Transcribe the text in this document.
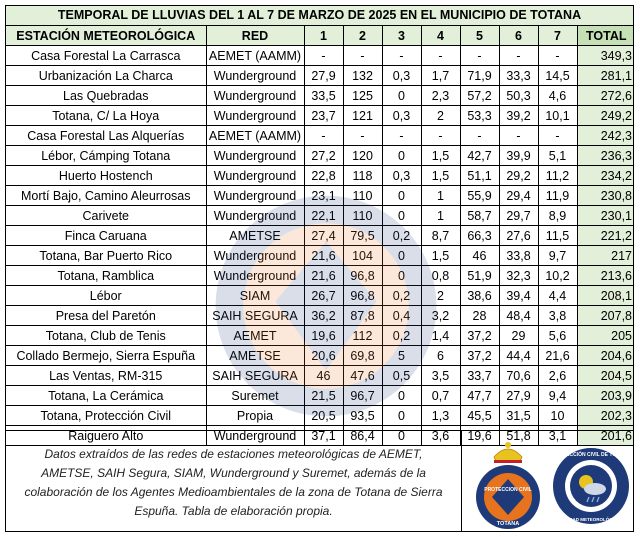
TEMPORAL DE LLUVIAS DEL 1 AL 7 DE MARZO DE 2025 EN EL MUNICIPIO DE TOTANA
ESTACIÓN METEOROLÓGICA	RED	1	2	3	4	5	6	7	TOTAL
Casa Forestal La Carrasca	AEMET (AAMM)	-	-	-	-	-	-	-	349,3
Urbanización La Charca	Wunderground	27,9	132	0,3	1,7	71,9	33,3	14,5	281,1
Las Quebradas	Wunderground	33,5	125	0	2,3	57,2	50,3	4,6	272,6
Totana, C/ La Hoya	Wunderground	23,7	121	0,3	2	53,3	39,2	10,1	249,2
Casa Forestal Las Alquerías	AEMET (AAMM)	-	-	-	-	-	-	-	242,3
Lébor, Cámping Totana	Wunderground	27,2	120	0	1,5	42,7	39,9	5,1	236,3
Huerto Hostench	Wunderground	22,8	118	0,3	1,5	51,1	29,2	11,2	234,2
Mortí Bajo, Camino Aleurrosas	Wunderground	23,1	110	0	1	55,9	29,4	11,9	230,8
Carivete	Wunderground	22,1	110	0	1	58,7	29,7	8,9	230,1
Finca Caruana	AMETSE	27,4	79,5	0,2	8,7	66,3	27,6	11,5	221,2
Totana, Bar Puerto Rico	Wunderground	21,6	104	0	1,5	46	33,8	9,7	217
Totana, Ramblica	Wunderground	21,6	96,8	0	0,8	51,9	32,3	10,2	213,6
Lébor	SIAM	26,7	96,8	0,2	2	38,6	39,4	4,4	208,1
Presa del Paretón	SAIH SEGURA	36,2	87,8	0,4	3,2	28	48,4	3,8	207,8
Totana, Club de Tenis	AEMET	19,6	112	0,2	1,4	37,2	29	5,6	205
Collado Bermejo, Sierra Espuña	AMETSE	20,6	69,8	5	6	37,2	44,4	21,6	204,6
Las Ventas, RM-315	SAIH SEGURA	46	47,6	0,5	3,5	33,7	70,6	2,6	204,5
Totana, La Cerámica	Suremet	21,5	96,7	0	0,7	47,7	27,9	9,4	203,9
Totana, Protección Civil	Propia	20,5	93,5	0	1,3	45,5	31,5	10	202,3
Raiguero Alto	Wunderground	37,1	86,4	0	3,6	19,6	51,8	3,1	201,6
Datos extraídos de las redes de estaciones meteorológicas de AEMET, AMETSE, SAIH Segura, SIAM, Wunderground y Suremet, además de la colaboración de los Agentes Medioambientales de la zona de Totana de Sierra Espuña. Tabla de elaboración propia.
PROTECCION CIVIL
TOTANA
PROTECCIÓN CIVIL DE TOTANA
UNIDAD METEOROLÓGICA
